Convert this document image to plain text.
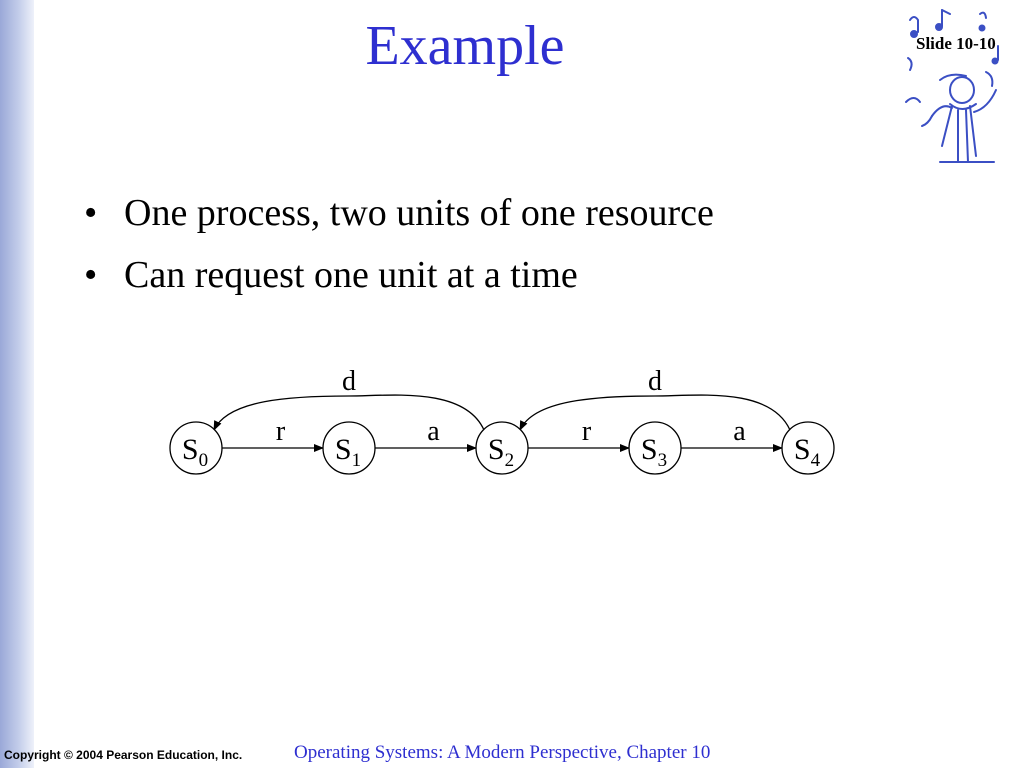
Example	Slide 10-10
• One process, two units of one resource
• Can request one unit at a time
r	a	r	a
d	d
$S_0$	$S_1$	$S_2$	$S_3$	$S_4$
Copyright © 2004 Pearson Education, Inc.	Operating Systems: A Modern Perspective, Chapter 10
